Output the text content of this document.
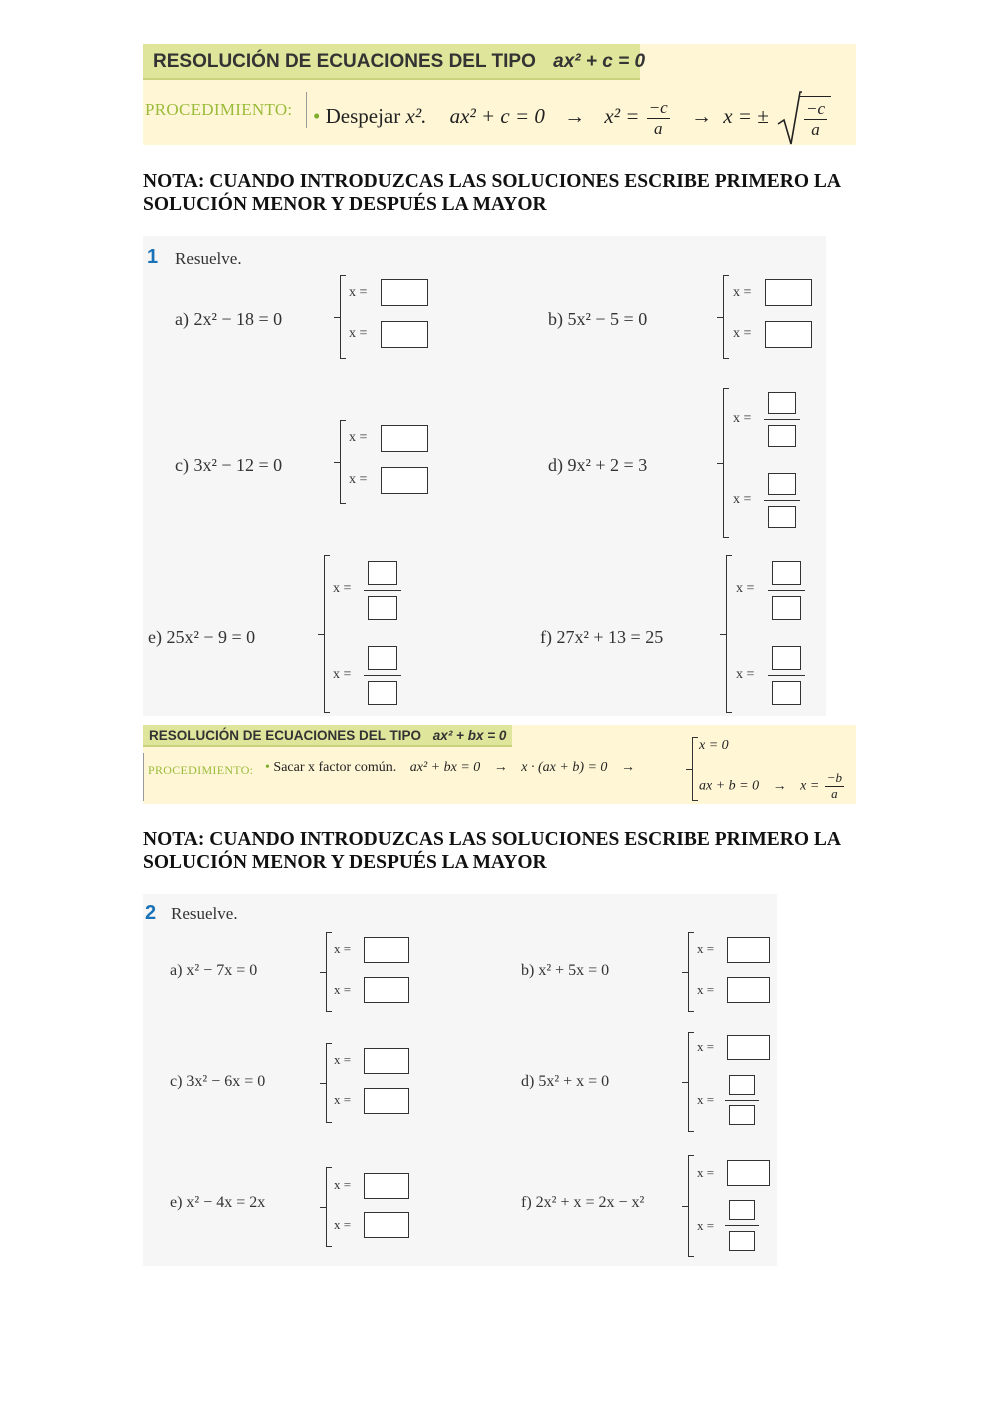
RESOLUCIÓN DE ECUACIONES DEL TIPO ax² + c = 0
PROCEDIMIENTO: • Despejar x². $ax^2 + c = 0 \to x^2 = \frac{-c}{a} \to x$ = ± $\frac{-c}{a}$
NOTA: CUANDO INTRODUZCAS LAS SOLUCIONES ESCRIBE PRIMERO LA SOLUCIÓN MENOR Y DESPUÉS LA MAYOR
1 Resuelve.
a) 2x² − 18 = 0
x =
x =
b) 5x² − 5 = 0
x =
x =
c) 3x² − 12 = 0
x =
x =
d) 9x² + 2 = 3
x =
x =
e) 25x² − 9 = 0
x =
x =
f) 27x² + 13 = 25
x =
x =
RESOLUCIÓN DE ECUACIONES DEL TIPO ax² + bx = 0
PROCEDIMIENTO: • Sacar x factor común. ax² + bx = 0 → x · (ax + b) = 0 →
x = 0
ax + $b = 0 \to x = \frac{-b}{a}$
NOTA: CUANDO INTRODUZCAS LAS SOLUCIONES ESCRIBE PRIMERO LA SOLUCIÓN MENOR Y DESPUÉS LA MAYOR
2 Resuelve.
a) x² − 7x = 0
x =
x =
b) x² + 5x = 0
x =
x =
c) 3x² − 6x = 0
x =
x =
d) 5x² + x = 0
x =
x =
e) x² − 4x = 2x
x =
x =
f) 2x² + x = 2x − x²
x =
x =
